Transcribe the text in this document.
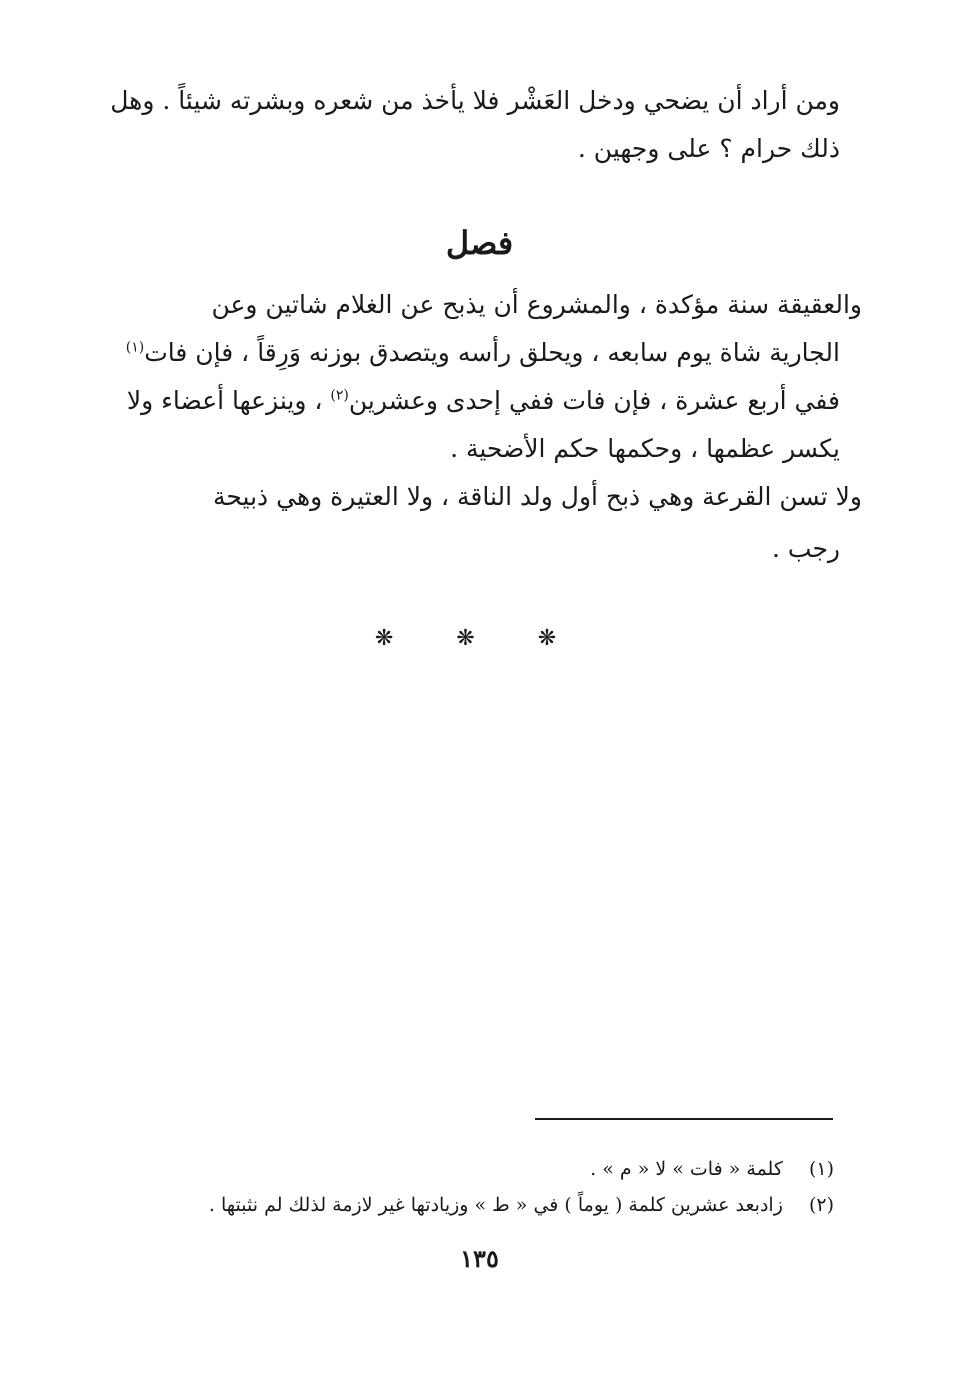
ومن أراد أن يضحي ودخل العَشْر فلا يأخذ من شعره وبشرته شيئاً . وهل
ذلك حرام ؟ على وجهين .
فصل
والعقيقة سنة مؤكدة ، والمشروع أن يذبح عن الغلام شاتين وعن
الجارية شاة يوم سابعه ، ويحلق رأسه ويتصدق بوزنه وَرِقاً ، فإن فات$^{(١)}$
ففي أربع عشرة ، فإن فات ففي إحدى وعشرين$^{(٢)}$ ، وينزعها أعضاء ولا
يكسر عظمها ، وحكمها حكم الأضحية .
ولا تسن القرعة وهي ذبح أول ولد الناقة ، ولا العتيرة وهي ذبيحة
رجب .
❋ ❋ ❋
(١) كلمة « فات » لا « م » .
(٢) زادبعد عشرين كلمة ( يوماً ) في « ط » وزيادتها غير لازمة لذلك لم نثبتها .
١٣٥
